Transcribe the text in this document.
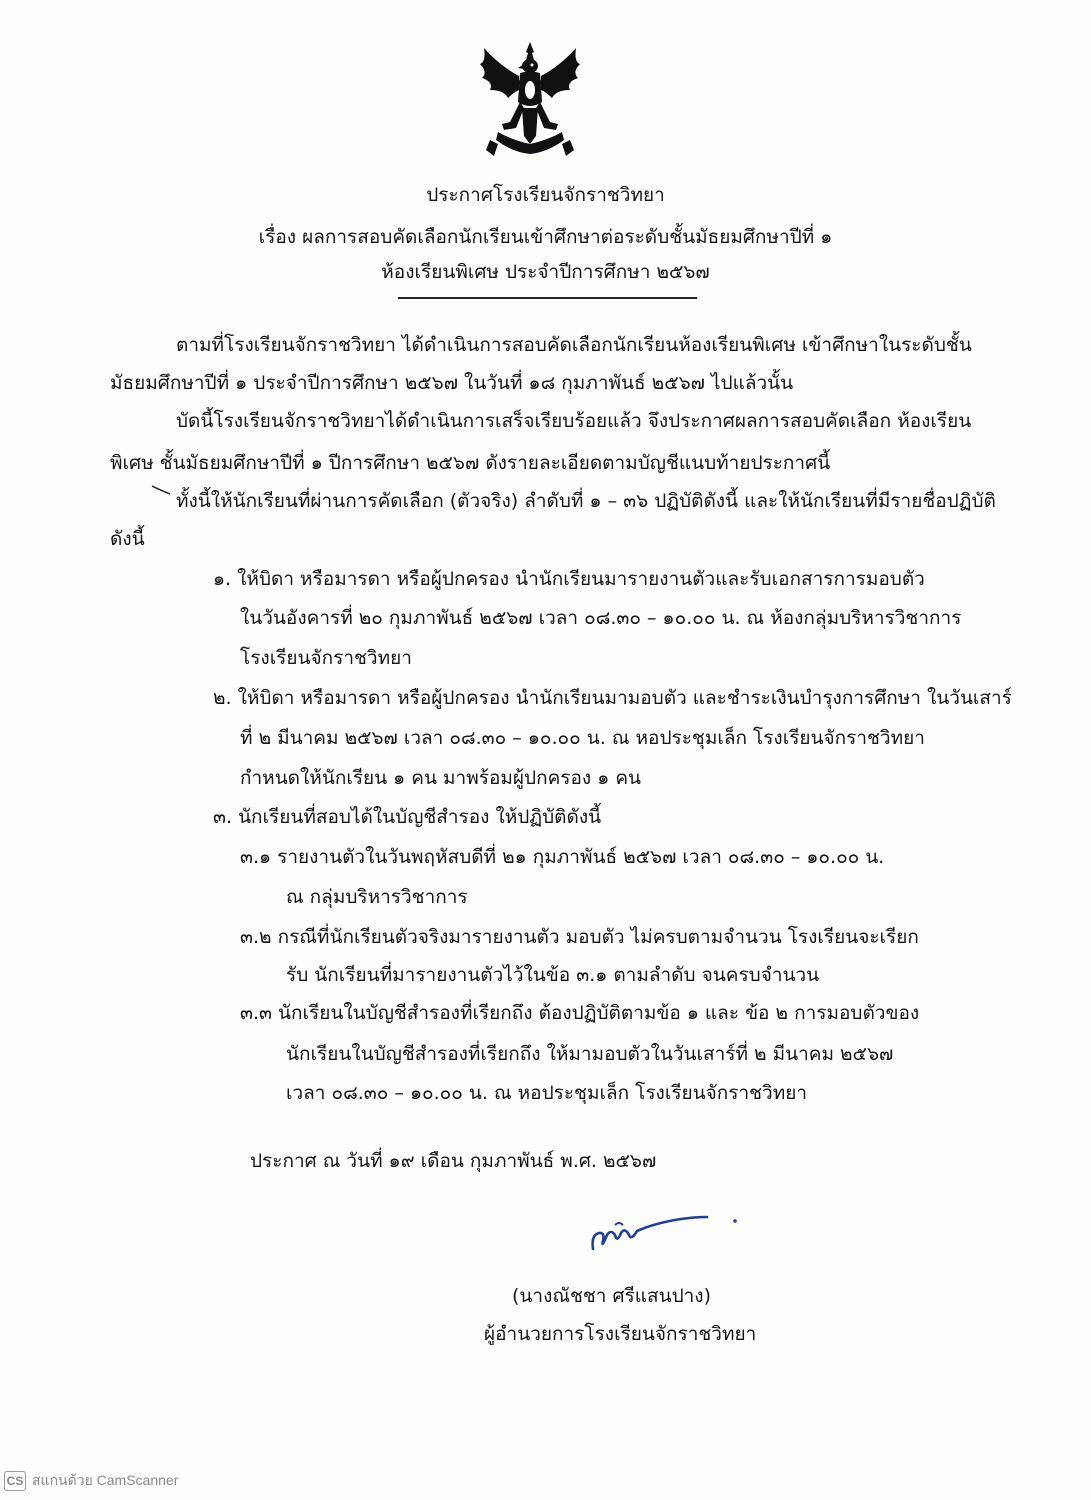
ประกาศโรงเรียนจักราชวิทยา
เรื่อง ผลการสอบคัดเลือกนักเรียนเข้าศึกษาต่อระดับชั้นมัธยมศึกษาปีที่ ๑
ห้องเรียนพิเศษ ประจำปีการศึกษา ๒๕๖๗
ตามที่โรงเรียนจักราชวิทยา ได้ดำเนินการสอบคัดเลือกนักเรียนห้องเรียนพิเศษ เข้าศึกษาในระดับชั้น
มัธยมศึกษาปีที่ ๑ ประจำปีการศึกษา ๒๕๖๗ ในวันที่ ๑๘ กุมภาพันธ์ ๒๕๖๗ ไปแล้วนั้น
บัดนี้โรงเรียนจักราชวิทยาได้ดำเนินการเสร็จเรียบร้อยแล้ว จึงประกาศผลการสอบคัดเลือก ห้องเรียน
พิเศษ ชั้นมัธยมศึกษาปีที่ ๑ ปีการศึกษา ๒๕๖๗ ดังรายละเอียดตามบัญชีแนบท้ายประกาศนี้
ทั้งนี้ให้นักเรียนที่ผ่านการคัดเลือก (ตัวจริง) ลำดับที่ ๑ – ๓๖ ปฏิบัติดังนี้ และให้นักเรียนที่มีรายชื่อปฏิบัติ
ดังนี้
๑. ให้บิดา หรือมารดา หรือผู้ปกครอง นำนักเรียนมารายงานตัวและรับเอกสารการมอบตัว
ในวันอังคารที่ ๒๐ กุมภาพันธ์ ๒๕๖๗ เวลา ๐๘.๓๐ – ๑๐.๐๐ น. ณ ห้องกลุ่มบริหารวิชาการ
โรงเรียนจักราชวิทยา
๒. ให้บิดา หรือมารดา หรือผู้ปกครอง นำนักเรียนมามอบตัว และชำระเงินบำรุงการศึกษา ในวันเสาร์
ที่ ๒ มีนาคม ๒๕๖๗ เวลา ๐๘.๓๐ – ๑๐.๐๐ น. ณ หอประชุมเล็ก โรงเรียนจักราชวิทยา
กำหนดให้นักเรียน ๑ คน มาพร้อมผู้ปกครอง ๑ คน
๓. นักเรียนที่สอบได้ในบัญชีสำรอง ให้ปฏิบัติดังนี้
๓.๑ รายงานตัวในวันพฤหัสบดีที่ ๒๑ กุมภาพันธ์ ๒๕๖๗ เวลา ๐๘.๓๐ – ๑๐.๐๐ น.
ณ กลุ่มบริหารวิชาการ
๓.๒ กรณีที่นักเรียนตัวจริงมารายงานตัว มอบตัว ไม่ครบตามจำนวน โรงเรียนจะเรียก
รับ นักเรียนที่มารายงานตัวไว้ในข้อ ๓.๑ ตามลำดับ จนครบจำนวน
๓.๓ นักเรียนในบัญชีสำรองที่เรียกถึง ต้องปฏิบัติตามข้อ ๑ และ ข้อ ๒ การมอบตัวของ
นักเรียนในบัญชีสำรองที่เรียกถึง ให้มามอบตัวในวันเสาร์ที่ ๒ มีนาคม ๒๕๖๗
เวลา ๐๘.๓๐ – ๑๐.๐๐ น. ณ หอประชุมเล็ก โรงเรียนจักราชวิทยา
ประกาศ ณ วันที่ ๑๙ เดือน กุมภาพันธ์ พ.ศ. ๒๕๖๗
(นางณัชชา ศรีแสนปาง)
ผู้อำนวยการโรงเรียนจักราชวิทยา
CS สแกนด้วย CamScanner
